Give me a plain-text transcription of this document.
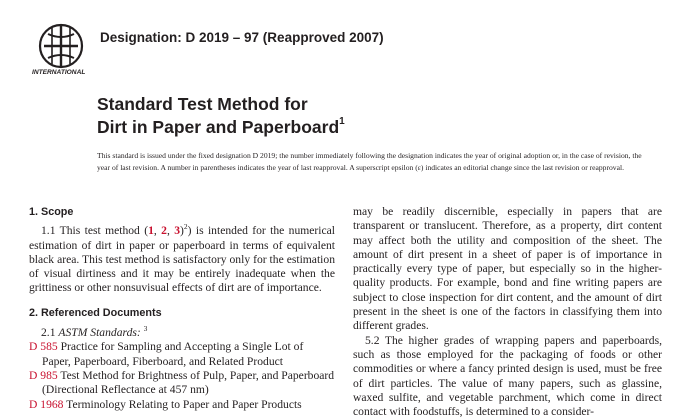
INTERNATIONAL
Designation: D 2019 – 97 (Reapproved 2007)
Standard Test Method for
Dirt in Paper and Paperboard$^1$
This standard is issued under the fixed designation D 2019; the number immediately following the designation indicates the year of original adoption or, in the case of revision, the year of last revision. A number in parentheses indicates the year of last reapproval. A superscript epsilon (ε) indicates an editorial change since the last revision or reapproval.
1. Scope

1.1 This test method (1, 2, 3)$^2$) is intended for the numerical estimation of dirt in paper or paperboard in terms of equivalent black area. This test method is satisfactory only for the estimation of visual dirtiness and it may be entirely inadequate when the grittiness or other nonsuvisual effects of dirt are of importance.

2. Referenced Documents
2.1 ASTM Standards: $^3$

D 585 Practice for Sampling and Accepting a Single Lot of Paper, Paperboard, Fiberboard, and Related Product

D 985 Test Method for Brightness of Pulp, Paper, and Paperboard (Directional Reflectance at 457 nm)

D 1968 Terminology Relating to Paper and Paper Products

may be readily discernible, especially in papers that are transparent or translucent. Therefore, as a property, dirt content may affect both the utility and composition of the sheet. The amount of dirt present in a sheet of paper is of importance in practically every type of paper, but especially so in the higher-quality products. For example, bond and fine writing papers are subject to close inspection for dirt content, and the amount of dirt present in the sheet is one of the factors in classifying them into different grades.

5.2 The higher grades of wrapping papers and paperboards, such as those employed for the packaging of foods or other commodities or where a fancy printed design is used, must be free of dirt particles. The value of many papers, such as glassine, waxed sulfite, and vegetable parchment, which come in direct contact with foodstuffs, is determined to a consider-
